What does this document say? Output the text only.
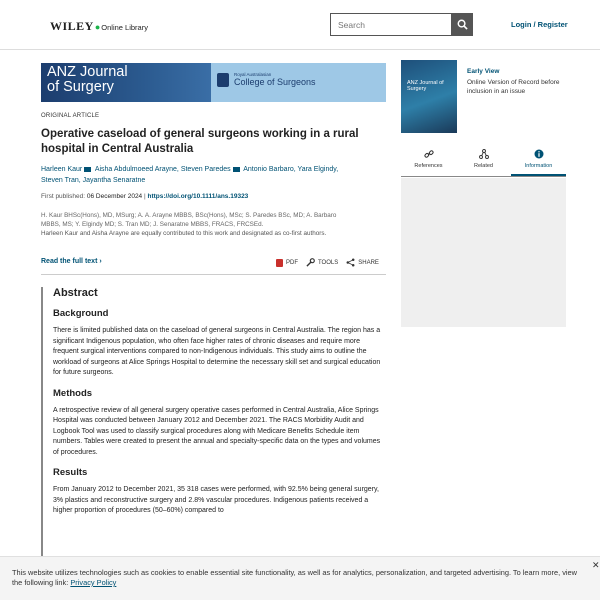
WILEY ● Online Library
Search	Login / Register
ANZ Journal
of Surgery
Royal Australasian
College of Surgeons
ORIGINAL ARTICLE
Operative caseload of general surgeons working in a rural hospital in Central Australia
Harleen Kaur Aisha Abdulmoeed Arayne, Steven Paredes Antonio Barbaro, Yara Elgindy,
Steven Tran, Jayantha Senaratne
First published: 06 December 2024 | https://doi.org/10.1111/ans.19323
H. Kaur BHSc(Hons), MD, MSurg; A. A. Arayne MBBS, BSc(Hons), MSc; S. Paredes BSc, MD; A. Barbaro
MBBS, MS; Y. Elgindy MD; S. Tran MD; J. Senaratne MBBS, FRACS, FRCSEd.
Harleen Kaur and Aisha Arayne are equally contributed to this work and designated as co-first authors.
Read the full text ›	PDF	TOOLS	SHARE
Abstract
Background

There is limited published data on the caseload of general surgeons in Central Australia. The region has a significant Indigenous population, who often face higher rates of chronic diseases and require more frequent surgical interventions compared to non-Indigenous individuals. This study aims to outline the workload of surgeons at Alice Springs Hospital to determine the necessary skill set and surgical education for future surgeons.

Methods

A retrospective review of all general surgery operative cases performed in Central Australia, Alice Springs Hospital was conducted between January 2012 and December 2021. The RACS Morbidity Audit and Logbook Tool was used to classify surgical procedures along with Medicare Benefits Schedule item numbers. Tables were created to present the annual and specialty-specific data on the types and volumes of procedures.

Results

From January 2012 to December 2021, 35 318 cases were performed, with 92.5% being general surgery, 3% plastics and reconstructive surgery and 2.8% vascular procedures. Indigenous patients received a higher proportion of procedures (50–60%) compared to

ANZ Journal of Surgery
Early View
Online Version of Record before inclusion in an issue
References	Related	Information
This website utilizes technologies such as cookies to enable essential site functionality, as well as for analytics, personalization, and targeted advertising. To learn more, view the following link: Privacy Policy
✕
